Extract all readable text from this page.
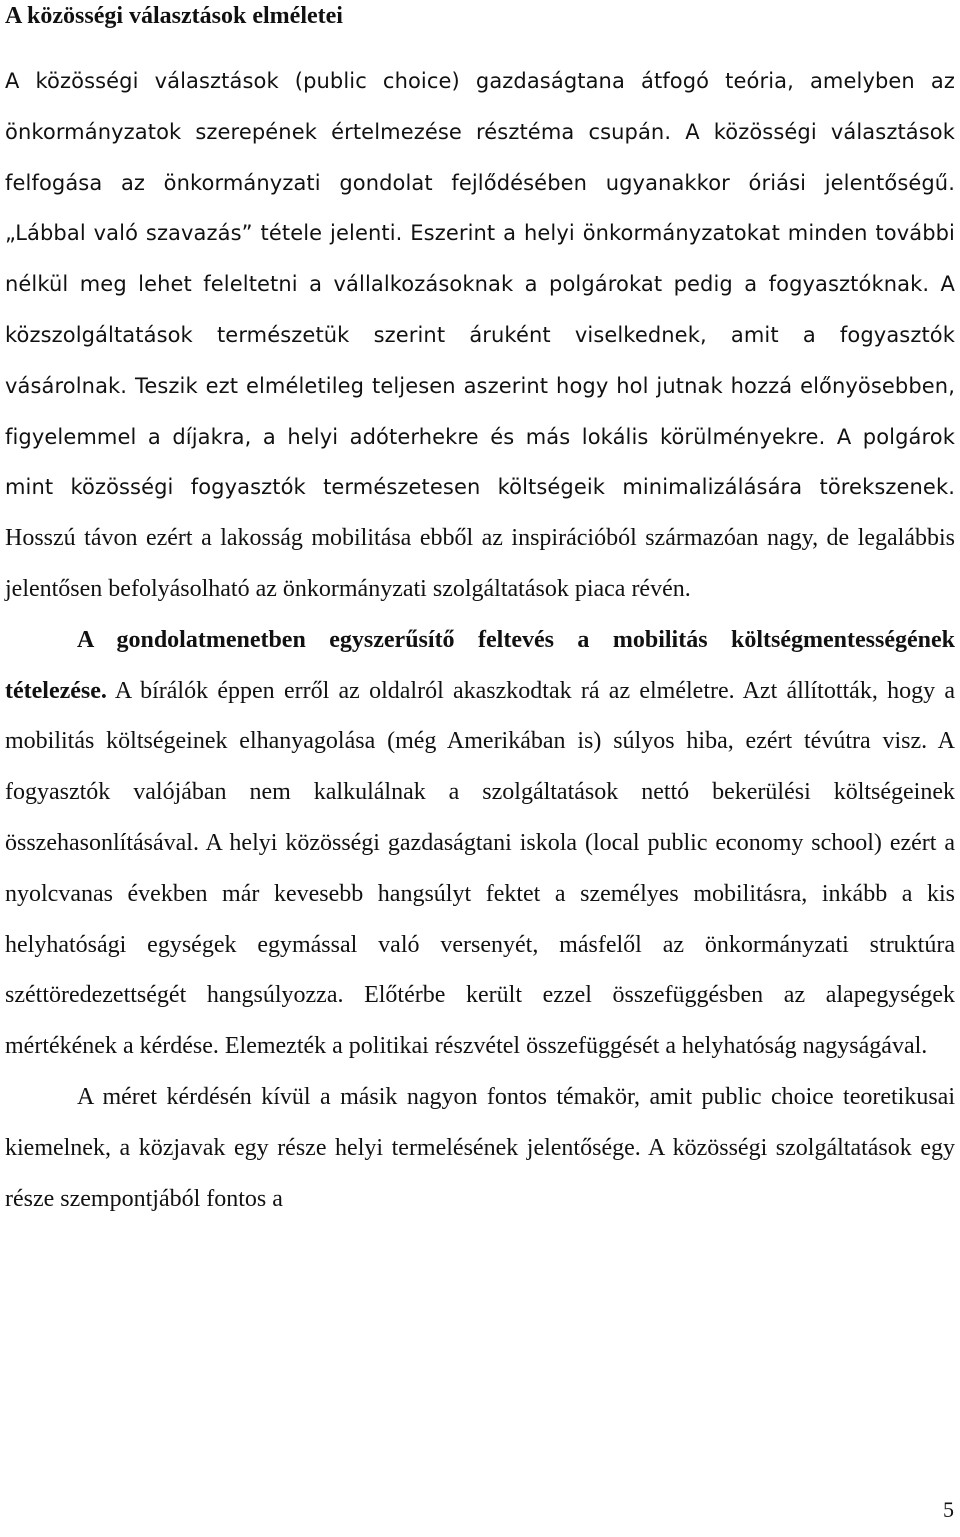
A közösségi választások elméletei

A közösségi választások (public choice) gazdaságtana átfogó teória, amelyben az önkormányzatok szerepének értelmezése résztéma csupán. A közösségi választások felfogása az önkormányzati gondolat fejlődésében ugyanakkor óriási jelentőségű. „Lábbal való szavazás” tétele jelenti. Eszerint a helyi önkormányzatokat minden további nélkül meg lehet feleltetni a vállalkozásoknak a polgárokat pedig a fogyasztóknak. A közszolgáltatások természetük szerint áruként viselkednek, amit a fogyasztók vásárolnak. Teszik ezt elméletileg teljesen aszerint hogy hol jutnak hozzá előnyösebben, figyelemmel a díjakra, a helyi adóterhekre és más lokális körülményekre. A polgárok mint közösségi fogyasztók természetesen költségeik minimalizálására törekszenek. Hosszú távon ezért a lakosság mobilitása ebből az inspirációból származóan nagy, de legalábbis jelentősen befolyásolható az önkormányzati szolgáltatások piaca révén.

A gondolatmenetben egyszerűsítő feltevés a mobilitás költségmentességének tételezése. A bírálók éppen erről az oldalról akaszkodtak rá az elméletre. Azt állították, hogy a mobilitás költségeinek elhanyagolása (még Amerikában is) súlyos hiba, ezért tévútra visz. A fogyasztók valójában nem kalkulálnak a szolgáltatások nettó bekerülési költségeinek összehasonlításával. A helyi közösségi gazdaságtani iskola (local public economy school) ezért a nyolcvanas években már kevesebb hangsúlyt fektet a személyes mobilitásra, inkább a kis helyhatósági egységek egymással való versenyét, másfelől az önkormányzati struktúra széttöredezettségét hangsúlyozza. Előtérbe került ezzel összefüggésben az alapegységek mértékének a kérdése. Elemezték a politikai részvétel összefüggését a helyhatóság nagyságával.

A méret kérdésén kívül a másik nagyon fontos témakör, amit public choice teoretikusai kiemelnek, a közjavak egy része helyi termelésének jelentősége. A közösségi szolgáltatások egy része szempontjából fontos a

5
